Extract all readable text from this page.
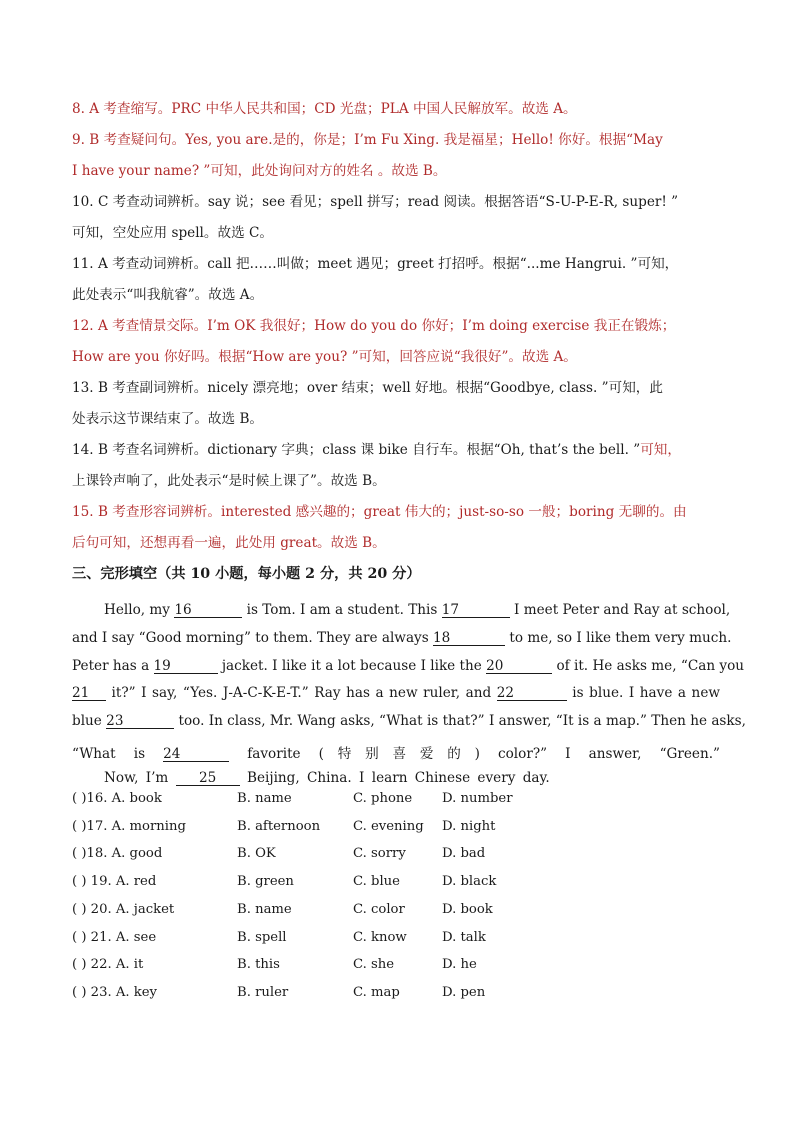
8. A 考查缩写。PRC 中华人民共和国；CD 光盘；PLA 中国人民解放军。故选 A。
9. B 考查疑问句。Yes, you are.是的，你是；I’m Fu Xing. 我是福星；Hello! 你好。根据“May
I have your name? ”可知，此处询问对方的姓名 。故选 B。
10. C 考查动词辨析。say 说；see 看见；spell 拼写；read 阅读。根据答语“S-U-P-E-R, super! ”
可知，空处应用 spell。故选 C。
11. A 考查动词辨析。call 把……叫做；meet 遇见；greet 打招呼。根据“...me Hangrui. ”可知，
此处表示“叫我航睿”。故选 A。
12. A 考查情景交际。I’m OK 我很好；How do you do 你好；I’m doing exercise 我正在锻炼；
How are you 你好吗。根据“How are you? ”可知，回答应说“我很好”。故选 A。
13. B 考查副词辨析。nicely 漂亮地；over 结束；well 好地。根据“Goodbye, class. ”可知，此
处表示这节课结束了。故选 B。
14. B 考查名词辨析。dictionary 字典；class 课 bike 自行车。根据“Oh, that’s the bell. ”可知，
上课铃声响了，此处表示“是时候上课了”。故选 B。
15. B 考查形容词辨析。interested 感兴趣的；great 伟大的；just-so-so 一般；boring 无聊的。由
后句可知，还想再看一遍，此处用 great。故选 B。
三、完形填空（共 10 小题，每小题 2 分，共 20 分）
Hello, my 16	is Tom. I am a student. This 17	I meet Peter and Ray at school,
and I say “Good morning” to them. They are always 18	to me, so I like them very much.
Peter has a 19	jacket. I like it a lot because I like the 20	of it. He asks me, “Can you
21 it?” I say, “Yes. J-A-C-K-E-T.” Ray has a new ruler, and 22	is blue. I have a new
blue 23	too. In class, Mr. Wang asks, “What is that?” I answer, “It is a map.” Then he asks,
“What is 24	favorite (特别喜爱的) color?” I answer, “Green.”
Now, I’m 25 Beijing, China. I learn Chinese every day.
( )16. A. book	B. name	C. phone D. number
( )17. A. morning	B. afternoon C. evening D. night
( )18. A. good	B. OK	C. sorry	D. bad
( ) 19. A. red	B. green	C. blue	D. black
( ) 20. A. jacket	B. name	C. color	D. book
( ) 21. A. see	B. spell	C. know	D. talk
( ) 22. A. it	B. this	C. she	D. he
( ) 23. A. key	B. ruler	C. map	D. pen
